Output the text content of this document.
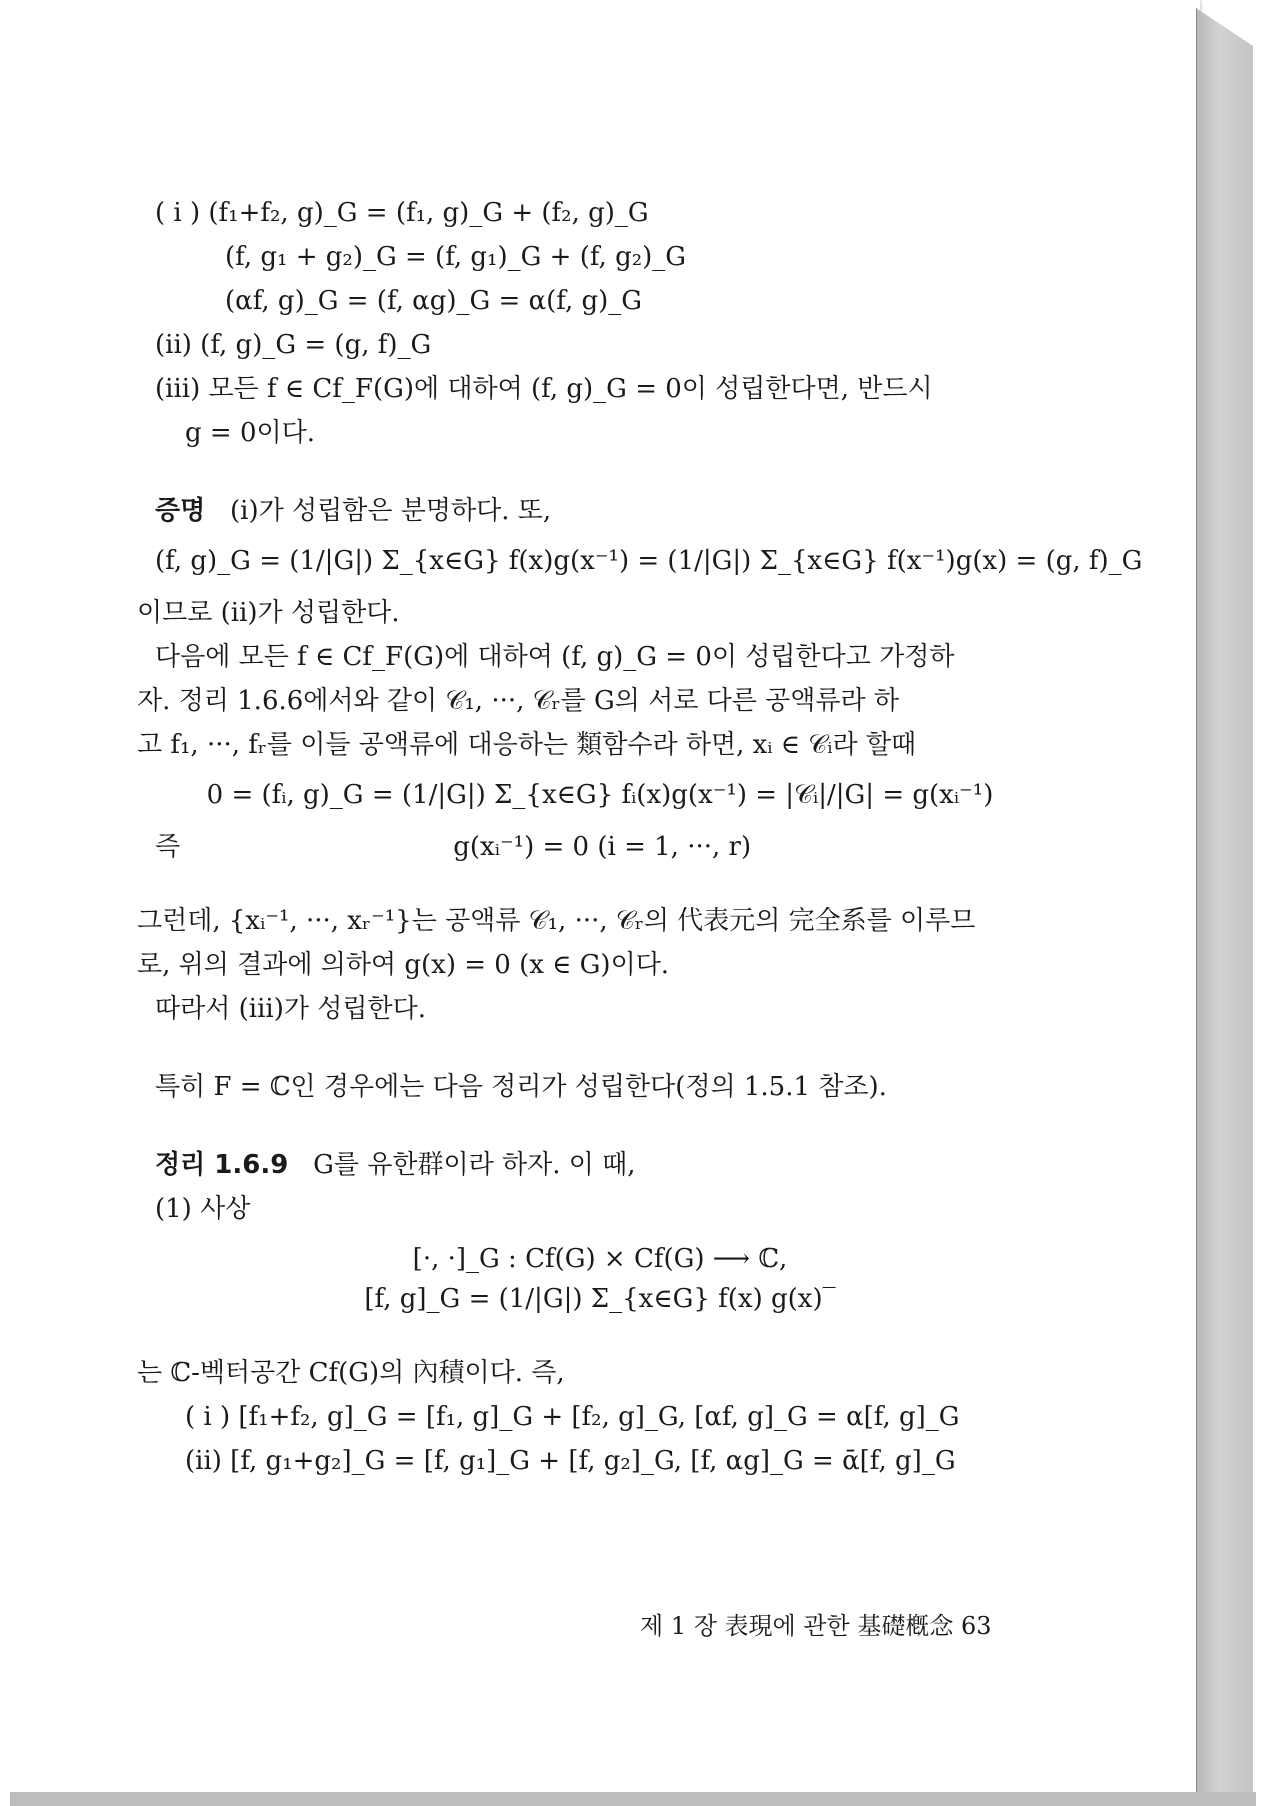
( i ) (f₁+f₂, g)_G = (f₁, g)_G + (f₂, g)_G
(f, g₁ + g₂)_G = (f, g₁)_G + (f, g₂)_G
(αf, g)_G = (f, αg)_G = α(f, g)_G
(ii) (f, g)_G = (g, f)_G
(iii) 모든 f ∈ Cf_F(G)에 대하여 (f, g)_G = 0이 성립한다면, 반드시
g = 0이다.
증명 (i)가 성립함은 분명하다. 또,
(f, g)_G = (1/|G|) Σ_{x∈G} f(x)g(x⁻¹) = (1/|G|) Σ_{x∈G} f(x⁻¹)g(x) = (g, f)_G
이므로 (ii)가 성립한다.
다음에 모든 f ∈ Cf_F(G)에 대하여 (f, g)_G = 0이 성립한다고 가정하
자. 정리 1.6.6에서와 같이 𝒞₁, ···, 𝒞ᵣ를 G의 서로 다른 공액류라 하
고 f₁, ···, fᵣ를 이들 공액류에 대응하는 類함수라 하면, xᵢ ∈ 𝒞ᵢ라 할때
0 = (fᵢ, g)_G = (1/|G|) Σ_{x∈G} fᵢ(x)g(x⁻¹) = |𝒞ᵢ|/|G| = g(xᵢ⁻¹)
즉	g(xᵢ⁻¹) = 0 (i = 1, ···, r)
그런데, {xᵢ⁻¹, ···, xᵣ⁻¹}는 공액류 𝒞₁, ···, 𝒞ᵣ의 代表元의 完全系를 이루므
로, 위의 결과에 의하여 g(x) = 0 (x ∈ G)이다.
따라서 (iii)가 성립한다.
특히 F = ℂ인 경우에는 다음 정리가 성립한다(정의 1.5.1 참조).
정리 1.6.9 G를 유한群이라 하자. 이 때,
(1) 사상
[·, ·]_G : Cf(G) × Cf(G) ⟶ ℂ,
[f, g]_G = (1/|G|) Σ_{x∈G} f(x) g(x)‾
는 ℂ-벡터공간 Cf(G)의 內積이다. 즉,
( i ) [f₁+f₂, g]_G = [f₁, g]_G + [f₂, g]_G, [αf, g]_G = α[f, g]_G
(ii) [f, g₁+g₂]_G = [f, g₁]_G + [f, g₂]_G, [f, αg]_G = ᾱ[f, g]_G
제 1 장 表現에 관한 基礎槪念 63
